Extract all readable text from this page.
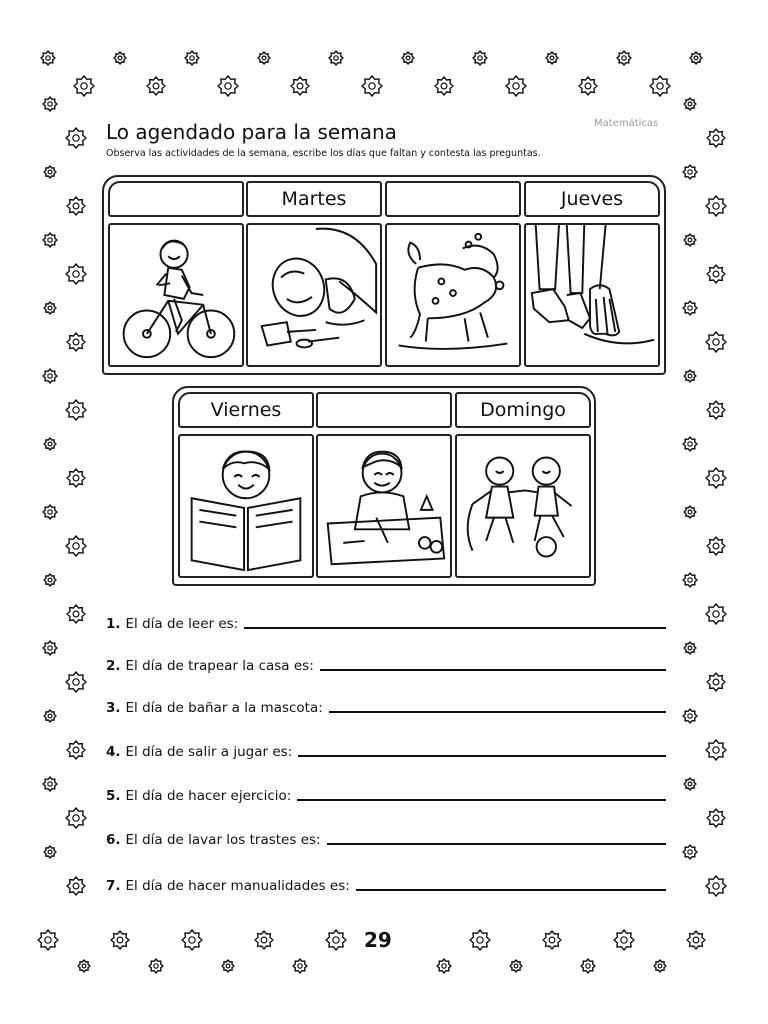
Matemáticas
Lo agendado para la semana
Observa las actividades de la semana, escribe los días que faltan y contesta las preguntas.
Martes	Jueves
Viernes	Domingo
1. El día de leer es:
2. El día de trapear la casa es:
3. El día de bañar a la mascota:
4. El día de salir a jugar es:
5. El día de hacer ejercicio:
6. El día de lavar los trastes es:
7. El día de hacer manualidades es:
29
